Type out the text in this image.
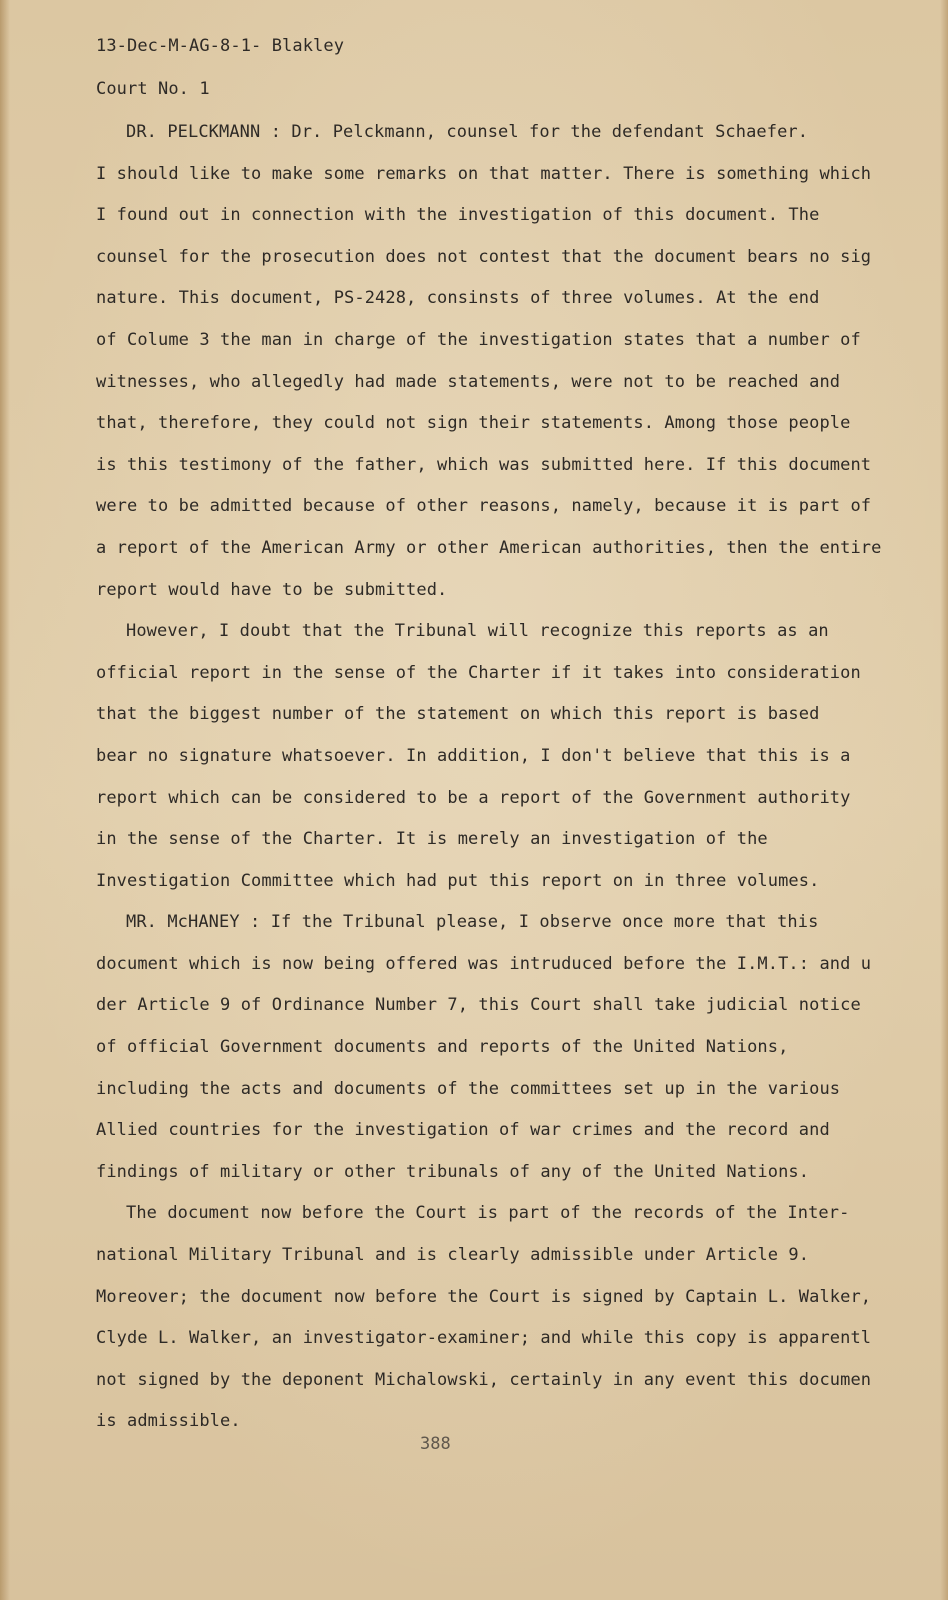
13-Dec-M-AG-8-1- Blakley
Court No. 1
DR. PELCKMANN : Dr. Pelckmann, counsel for the defendant Schaefer.
I should like to make some remarks on that matter. There is something which
I found out in connection with the investigation of this document. The
counsel for the prosecution does not contest that the document bears no sig
nature. This document, PS-2428, consinsts of three volumes. At the end
of Colume 3 the man in charge of the investigation states that a number of
witnesses, who allegedly had made statements, were not to be reached and
that, therefore, they could not sign their statements. Among those people
is this testimony of the father, which was submitted here. If this document
were to be admitted because of other reasons, namely, because it is part of
a report of the American Army or other American authorities, then the entire
report would have to be submitted.
However, I doubt that the Tribunal will recognize this reports as an
official report in the sense of the Charter if it takes into consideration
that the biggest number of the statement on which this report is based
bear no signature whatsoever. In addition, I don't believe that this is a
report which can be considered to be a report of the Government authority
in the sense of the Charter. It is merely an investigation of the
Investigation Committee which had put this report on in three volumes.
MR. McHANEY : If the Tribunal please, I observe once more that this
document which is now being offered was intruduced before the I.M.T.: and u
der Article 9 of Ordinance Number 7, this Court shall take judicial notice
of official Government documents and reports of the United Nations,
including the acts and documents of the committees set up in the various
Allied countries for the investigation of war crimes and the record and
findings of military or other tribunals of any of the United Nations.
The document now before the Court is part of the records of the Inter-
national Military Tribunal and is clearly admissible under Article 9.
Moreover; the document now before the Court is signed by Captain L. Walker,
Clyde L. Walker, an investigator-examiner; and while this copy is apparentl
not signed by the deponent Michalowski, certainly in any event this documen
is admissible.
388
